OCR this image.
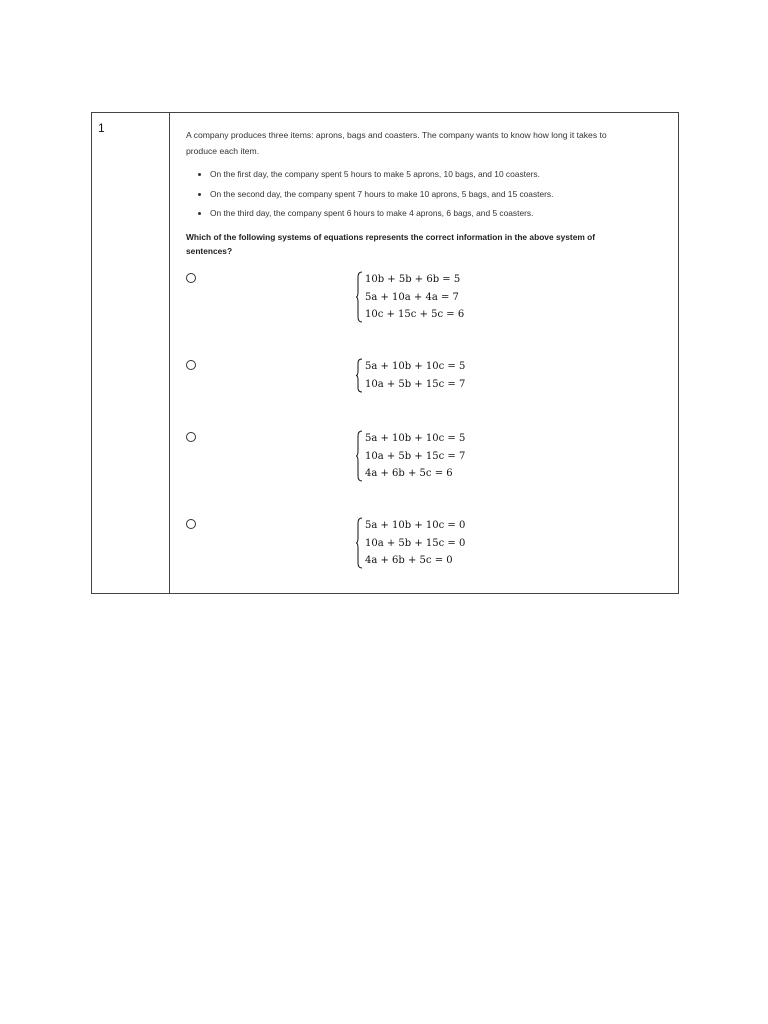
1	A company produces three items: aprons, bags and coasters. The company wants to know how long it takes to produce each item.

• On the first day, the company spent 5 hours to make 5 aprons, 10 bags, and 10 coasters.
• On the second day, the company spent 7 hours to make 10 aprons, 5 bags, and 15 coasters.
• On the third day, the company spent 6 hours to make 4 aprons, 6 bags, and 5 coasters.

Which of the following systems of equations represents the correct information in the above system of sentences?

10b + 5b + 6b = 5
5a + 10a + 4a = 7
10c + 15c + 5c = 6
5a + 10b + 10c = 5
10a + 5b + 15c = 7
5a + 10b + 10c = 5
10a + 5b + 15c = 7
4a + 6b + 5c = 6
5a + 10b + 10c = 0
10a + 5b + 15c = 0
4a + 6b + 5c = 0
